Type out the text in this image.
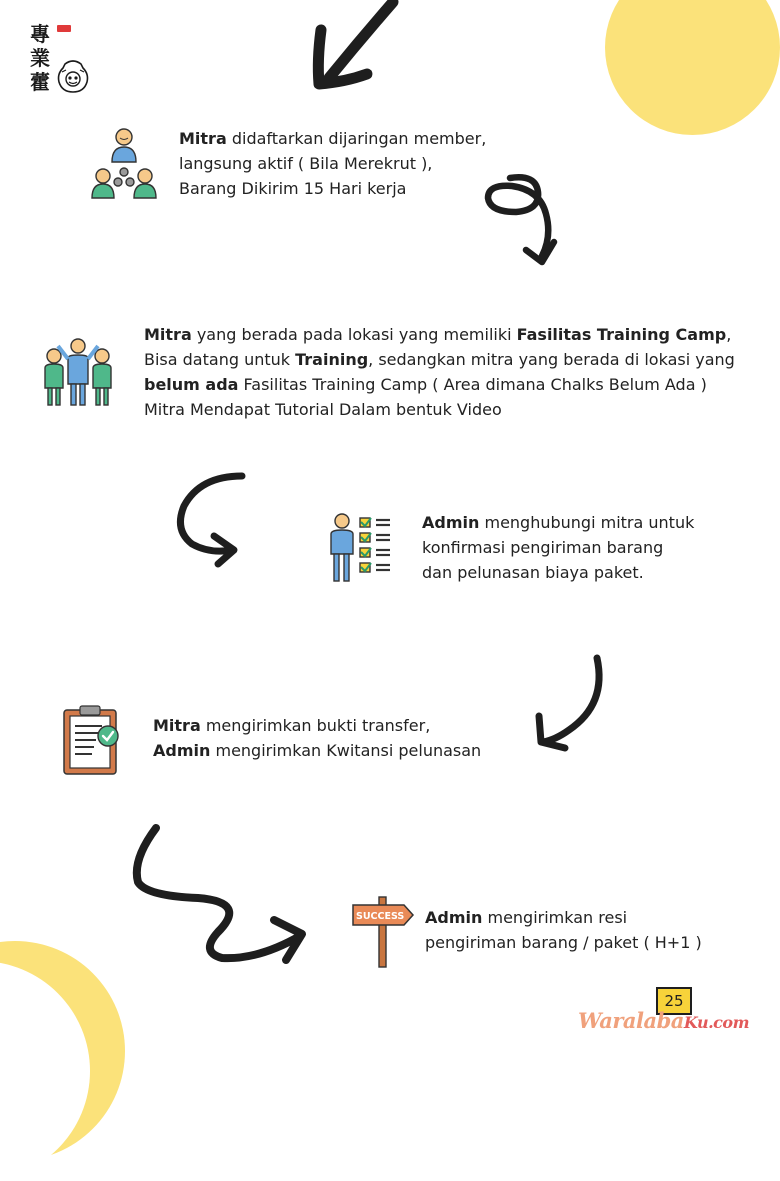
專
業
藿
Mitra didaftarkan dijaringan member,
langsung aktif ( Bila Merekrut ),
Barang Dikirim 15 Hari kerja
Mitra yang berada pada lokasi yang memiliki Fasilitas Training Camp,
Bisa datang untuk Training, sedangkan mitra yang berada di lokasi yang
belum ada Fasilitas Training Camp ( Area dimana Chalks Belum Ada )
Mitra Mendapat Tutorial Dalam bentuk Video
Admin menghubungi mitra untuk
konfirmasi pengiriman barang
dan pelunasan biaya paket.
Mitra mengirimkan bukti transfer,
Admin mengirimkan Kwitansi pelunasan
SUCCESS Admin mengirimkan resi
pengiriman barang / paket ( H+1 )
25
WaralabaKu.com
